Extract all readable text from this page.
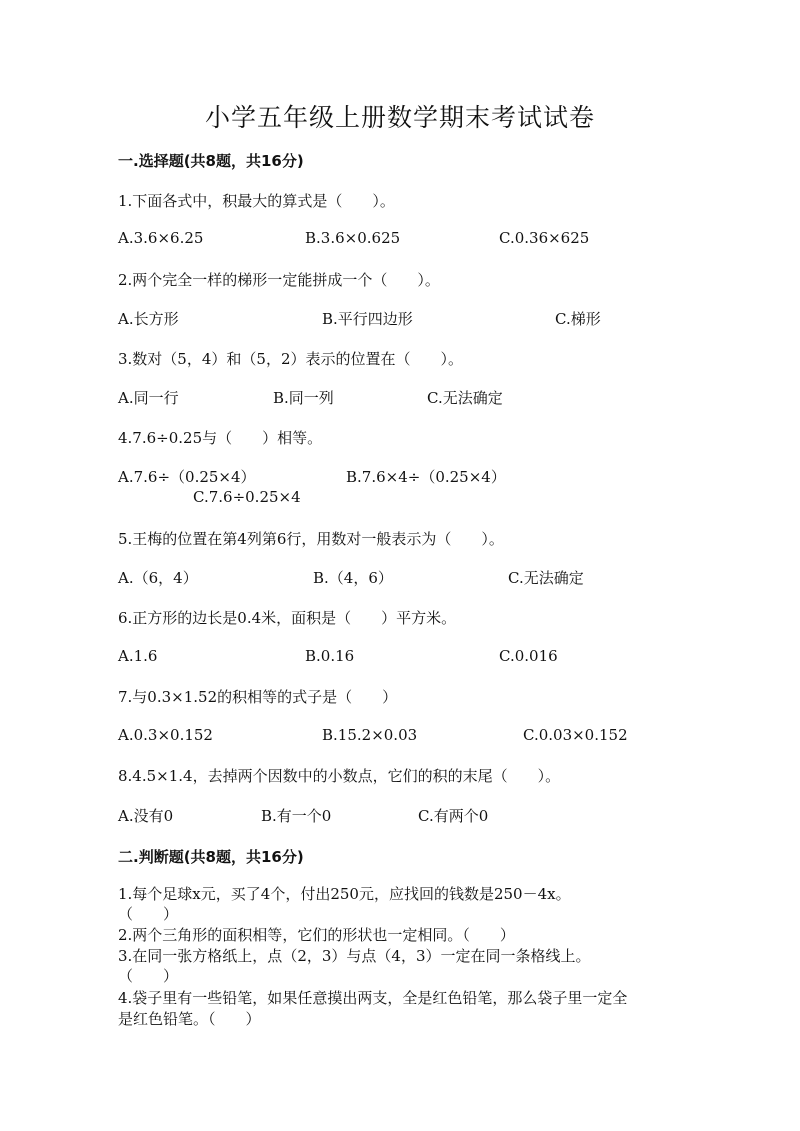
小学五年级上册数学期末考试试卷
一.选择题(共8题，共16分)
1.下面各式中，积最大的算式是（　　）。
A.3.6×6.25	B.3.6×0.625	C.0.36×625
2.两个完全一样的梯形一定能拼成一个（　　）。
A.长方形	B.平行四边形	C.梯形
3.数对（5，4）和（5，2）表示的位置在（　　）。
A.同一行	B.同一列	C.无法确定
4.7.6÷0.25与（　　）相等。
A.7.6÷（0.25×4）	B.7.6×4÷（0.25×4）
C.7.6÷0.25×4
5.王梅的位置在第4列第6行，用数对一般表示为（　　）。
A.（6，4）	B.（4，6）	C.无法确定
6.正方形的边长是0.4米，面积是（　　）平方米。
A.1.6	B.0.16	C.0.016
7.与0.3×1.52的积相等的式子是（　　）
A.0.3×0.152	B.15.2×0.03	C.0.03×0.152
8.4.5×1.4，去掉两个因数中的小数点，它们的积的末尾（　　）。
A.没有0	B.有一个0	C.有两个0
二.判断题(共8题，共16分)
1.每个足球x元，买了4个，付出250元，应找回的钱数是250－4x。
（　　）
2.两个三角形的面积相等，它们的形状也一定相同。（　　）
3.在同一张方格纸上，点（2，3）与点（4，3）一定在同一条格线上。
（　　）
4.袋子里有一些铅笔，如果任意摸出两支，全是红色铅笔，那么袋子里一定全
是红色铅笔。（　　）
